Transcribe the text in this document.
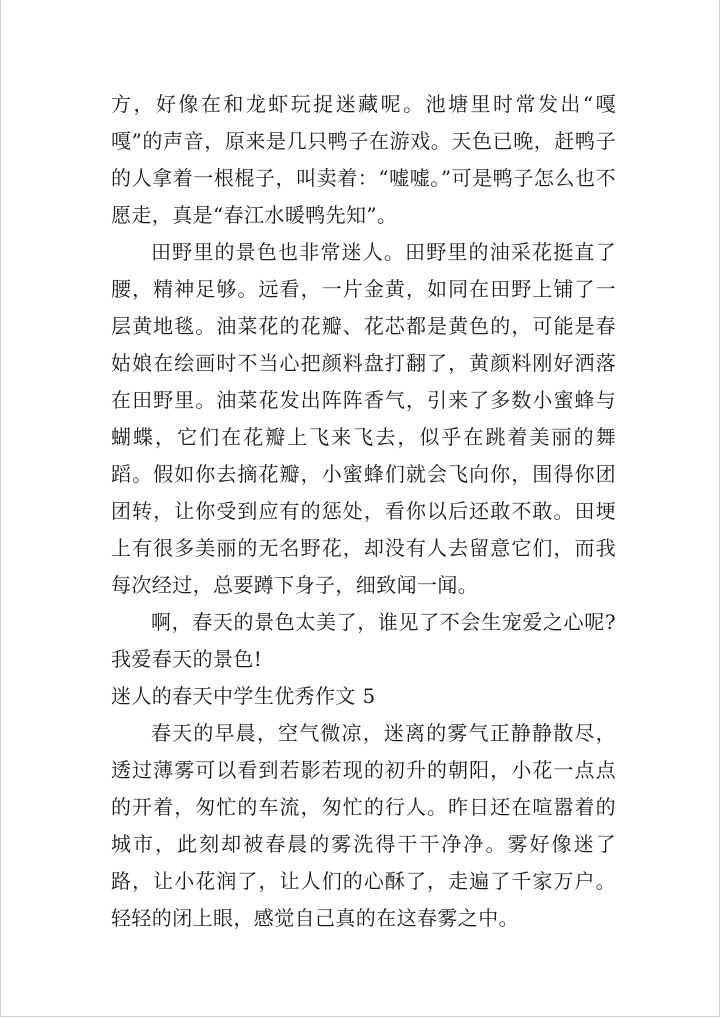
方，好像在和龙虾玩捉迷藏呢。池塘里时常发出“嘎嘎”的声音，原来是几只鸭子在游戏。天色已晚，赶鸭子的人拿着一根棍子，叫卖着：“嘘嘘。”可是鸭子怎么也不愿走，真是“春江水暖鸭先知”。

田野里的景色也非常迷人。田野里的油采花挺直了腰，精神足够。远看，一片金黄，如同在田野上铺了一层黄地毯。油菜花的花瓣、花芯都是黄色的，可能是春姑娘在绘画时不当心把颜料盘打翻了，黄颜料刚好洒落在田野里。油菜花发出阵阵香气，引来了多数小蜜蜂与蝴蝶，它们在花瓣上飞来飞去，似乎在跳着美丽的舞蹈。假如你去摘花瓣，小蜜蜂们就会飞向你，围得你团团转，让你受到应有的惩处，看你以后还敢不敢。田埂上有很多美丽的无名野花，却没有人去留意它们，而我每次经过，总要蹲下身子，细致闻一闻。

啊，春天的景色太美了，谁见了不会生宠爱之心呢?我爱春天的景色!

迷人的春天中学生优秀作文 5

春天的早晨，空气微凉，迷离的雾气正静静散尽，透过薄雾可以看到若影若现的初升的朝阳，小花一点点的开着，匆忙的车流，匆忙的行人。昨日还在喧嚣着的城市，此刻却被春晨的雾洗得干干净净。雾好像迷了路，让小花润了，让人们的心酥了，走遍了千家万户。轻轻的闭上眼，感觉自己真的在这春雾之中。
